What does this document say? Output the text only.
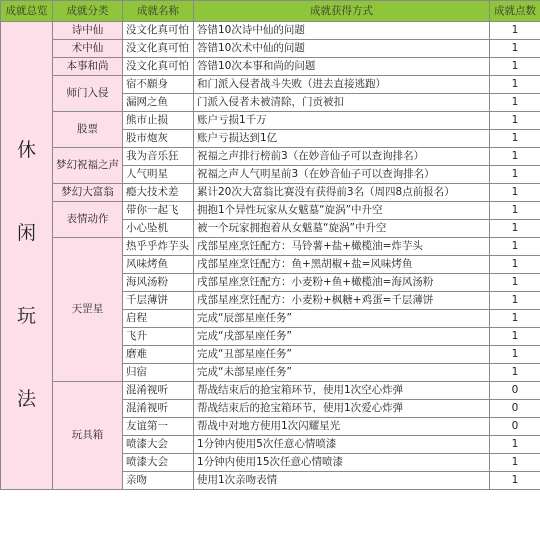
成就总览	成就分类	成就名称	成就获得方式	成就点数

休
闲
玩
法	诗中仙	没文化真可怕	答错10次诗中仙的问题	1
	术中仙	没文化真可怕	答错10次术中仙的问题	1
	本事和尚	没文化真可怕	答错10次本事和尚的问题	1
	师门入侵	宿不願身	和门派入侵者战斗失败（进去直接逃跑）	1
		漏网之鱼	门派入侵者未被清除，门贡被扣	1
	股票	熊市止损	账户亏损1千万	1
		股市炮灰	账户亏损达到1亿	1
	梦幻祝福之声	我为音乐狂	祝福之声排行榜前3（在妙音仙子可以查询排名）	1
		人气明星	祝福之声人气明星前3（在妙音仙子可以查询排名）	1
	梦幻大富翁	瘾大技术差	累计20次大富翁比赛没有获得前3名（周四8点前报名）	1
	表情动作	带你一起飞	拥抱1个异性玩家从女魃墓“旋涡”中升空	1
		小心坠机	被一个玩家拥抱着从女魃墓“旋涡”中升空	1
	天罡星	热乎乎炸芋头	戌部星座烹饪配方：马铃薯+盐+橄榄油=炸芋头	1
		风味烤鱼	戌部星座烹饪配方：鱼+黑胡椒+盐=风味烤鱼	1
		海风汤粉	戌部星座烹饪配方：小麦粉+鱼+橄榄油=海风汤粉	1
		千层薄饼	戌部星座烹饪配方：小麦粉+枫糖+鸡蛋=千层薄饼	1
		启程	完成“辰部星座任务”	1
		飞升	完成“戌部星座任务”	1
		磨难	完成“丑部星座任务”	1
		归宿	完成“未部星座任务”	1
	玩具箱	混淆视听	帮战结束后的抢宝箱环节，使用1次空心炸弹	0
		混淆视听	帮战结束后的抢宝箱环节，使用1次爱心炸弹	0
		友谊第一	帮战中对地方使用1次闪耀星光	0
		喷漆大会	1分钟内使用5次任意心情喷漆	1
		喷漆大会	1分钟内使用15次任意心情喷漆	1
		亲吻	使用1次亲吻表情	1
